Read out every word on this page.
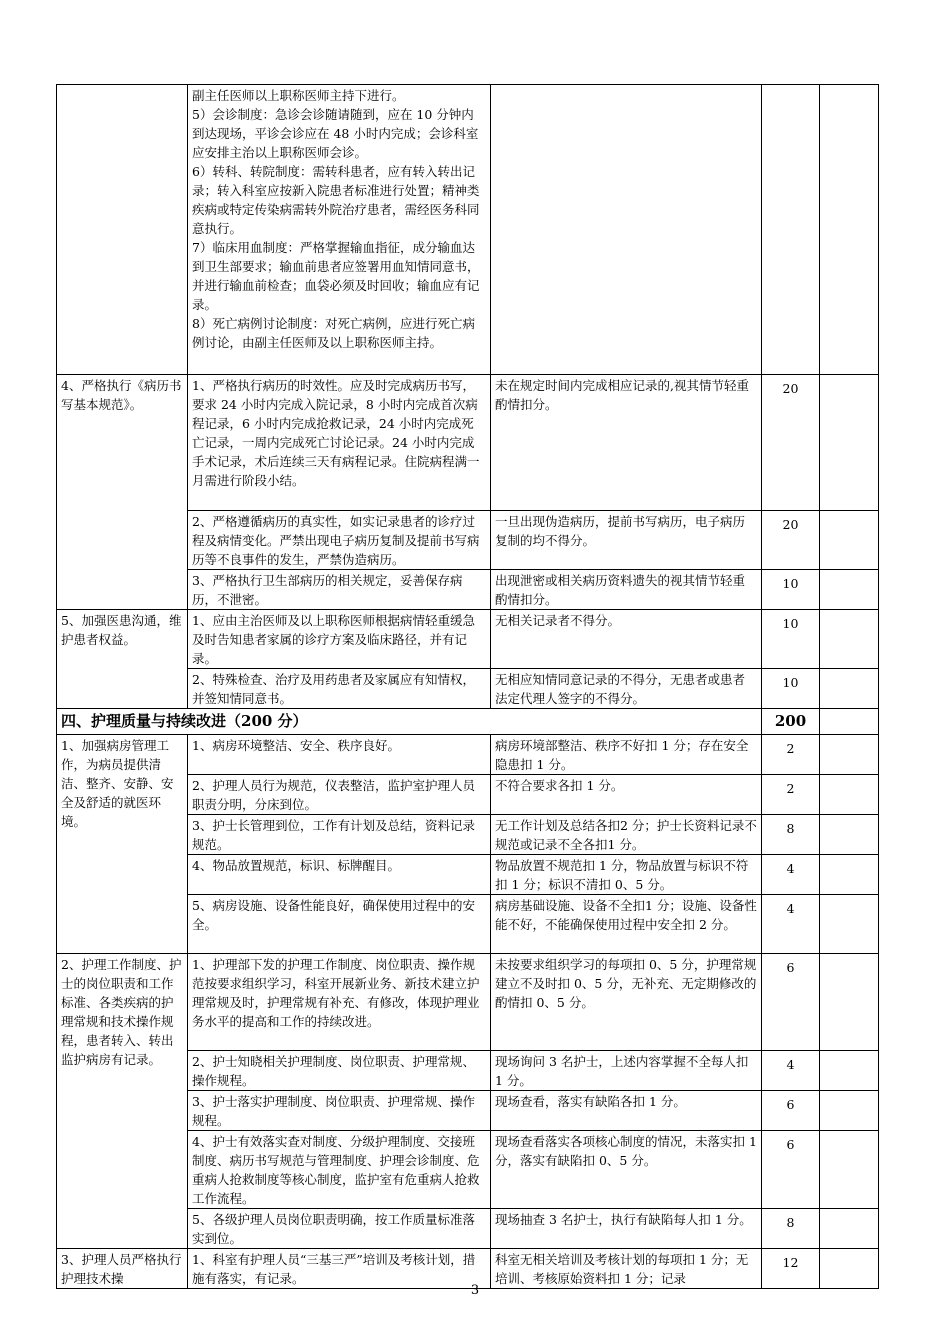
	副主任医师以上职称医师主持下进行。
5）会诊制度：急诊会诊随请随到，应在 10 分钟内到达现场，平诊会诊应在 48 小时内完成；会诊科室应安排主治以上职称医师会诊。
6）转科、转院制度：需转科患者，应有转入转出记录；转入科室应按新入院患者标准进行处置；精神类疾病或特定传染病需转外院治疗患者，需经医务科同意执行。
7）临床用血制度：严格掌握输血指征，成分输血达到卫生部要求；输血前患者应签署用血知情同意书，并进行输血前检查；血袋必须及时回收；输血应有记录。
8）死亡病例讨论制度：对死亡病例，应进行死亡病例讨论，由副主任医师及以上职称医师主持。			
4、严格执行《病历书写基本规范》。	1、严格执行病历的时效性。应及时完成病历书写，要求 24 小时内完成入院记录，8 小时内完成首次病程记录，6 小时内完成抢救记录，24 小时内完成死亡记录，一周内完成死亡讨论记录。24 小时内完成手术记录，术后连续三天有病程记录。住院病程满一月需进行阶段小结。	未在规定时间内完成相应记录的,视其情节轻重酌情扣分。	20	
	2、严格遵循病历的真实性，如实记录患者的诊疗过程及病情变化。严禁出现电子病历复制及提前书写病历等不良事件的发生，严禁伪造病历。	一旦出现伪造病历，提前书写病历，电子病历复制的均不得分。	20	
	3、严格执行卫生部病历的相关规定，妥善保存病历，不泄密。	出现泄密或相关病历资料遗失的视其情节轻重酌情扣分。	10	
5、加强医患沟通，维护患者权益。	1、应由主治医师及以上职称医师根据病情轻重缓急及时告知患者家属的诊疗方案及临床路径，并有记录。	无相关记录者不得分。	10	
	2、特殊检查、治疗及用药患者及家属应有知情权，并签知情同意书。	无相应知情同意记录的不得分，无患者或患者法定代理人签字的不得分。	10	
四、护理质量与持续改进（200 分）			200	
1、加强病房管理工作，为病员提供清洁、整齐、安静、安全及舒适的就医环境。	1、病房环境整洁、安全、秩序良好。	病房环境部整洁、秩序不好扣 1 分；存在安全隐患扣 1 分。	2	
	2、护理人员行为规范，仪表整洁，监护室护理人员职责分明，分床到位。	不符合要求各扣 1 分。	2	
	3、护士长管理到位，工作有计划及总结，资料记录规范。	无工作计划及总结各扣2 分；护士长资料记录不规范或记录不全各扣1 分。	8	
	4、物品放置规范，标识、标牌醒目。	物品放置不规范扣 1 分，物品放置与标识不符扣 1 分；标识不清扣 0、5 分。	4	
	5、病房设施、设备性能良好，确保使用过程中的安全。	病房基础设施、设备不全扣1 分；设施、设备性能不好，不能确保使用过程中安全扣 2 分。	4	
2、护理工作制度、护士的岗位职责和工作标准、各类疾病的护理常规和技术操作规程，患者转入、转出监护病房有记录。	1、护理部下发的护理工作制度、岗位职责、操作规范按要求组织学习，科室开展新业务、新技术建立护理常规及时，护理常规有补充、有修改，体现护理业务水平的提高和工作的持续改进。	未按要求组织学习的每项扣 0、5 分，护理常规建立不及时扣 0、5 分，无补充、无定期修改的酌情扣 0、5 分。	6	
	2、护士知晓相关护理制度、岗位职责、护理常规、操作规程。	现场询问 3 名护士，上述内容掌握不全每人扣 1 分。	4	
	3、护士落实护理制度、岗位职责、护理常规、操作规程。	现场查看，落实有缺陷各扣 1 分。	6	
	4、护士有效落实查对制度、分级护理制度、交接班制度、病历书写规范与管理制度、护理会诊制度、危重病人抢救制度等核心制度，监护室有危重病人抢救工作流程。	现场查看落实各项核心制度的情况，未落实扣 1 分，落实有缺陷扣 0、5 分。	6	
	5、各级护理人员岗位职责明确，按工作质量标准落实到位。	现场抽查 3 名护士，执行有缺陷每人扣 1 分。	8	
3、护理人员严格执行护理技术操	1、科室有护理人员“三基三严”培训及考核计划，措施有落实，有记录。	科室无相关培训及考核计划的每项扣 1 分；无培训、考核原始资料扣 1 分；记录	12	
3
